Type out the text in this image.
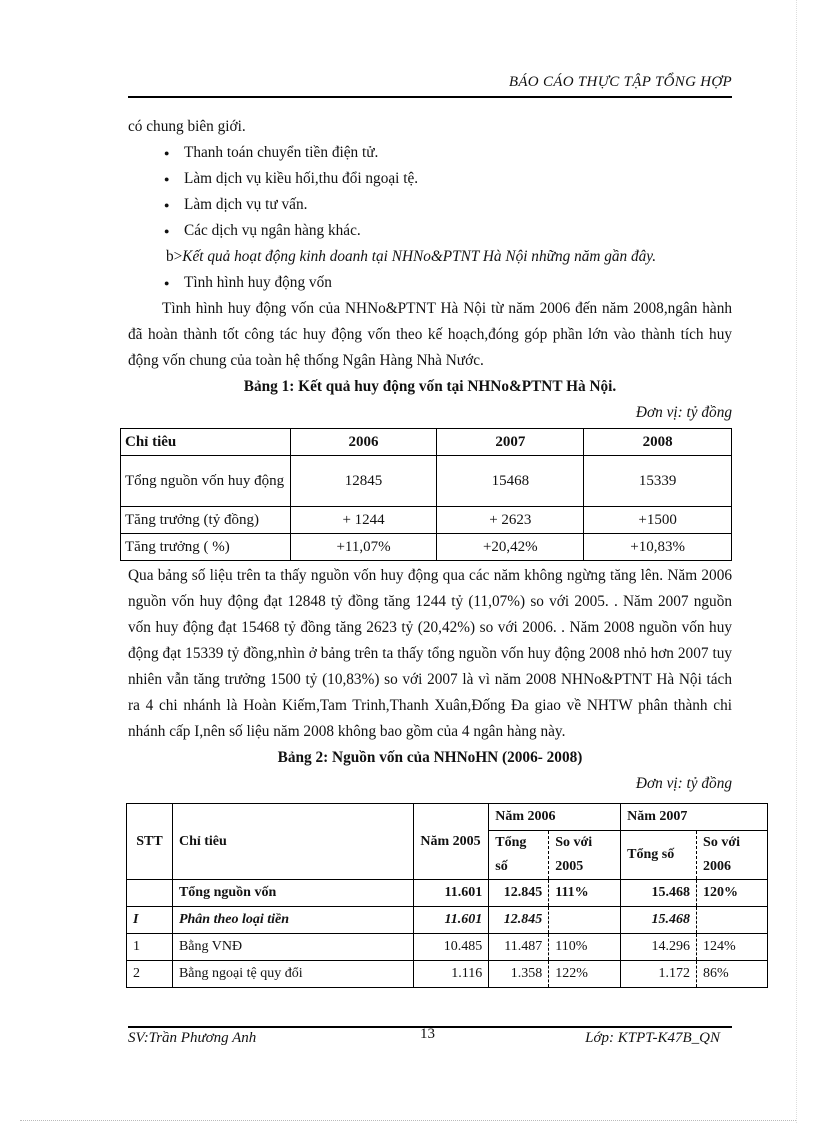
BÁO CÁO THỰC TẬP TỔNG HỢP

có chung biên giới.

● Thanh toán chuyển tiền điện tử.

● Làm dịch vụ kiều hối,thu đổi ngoại tệ.

● Làm dịch vụ tư vấn.

● Các dịch vụ ngân hàng khác.

b>Kết quả hoạt động kinh doanh tại NHNo&PTNT Hà Nội những năm gần đây.

● Tình hình huy động vốn

Tình hình huy động vốn của NHNo&PTNT Hà Nội từ năm 2006 đến năm 2008,ngân hành đã hoàn thành tốt công tác huy động vốn theo kế hoạch,đóng góp phần lớn vào thành tích huy động vốn chung của toàn hệ thống Ngân Hàng Nhà Nước.

Bảng 1: Kết quả huy động vốn tại NHNo&PTNT Hà Nội.

Đơn vị: tỷ đồng

Chỉ tiêu	2006	2007	2008
Tổng nguồn vốn huy động	12845	15468	15339
Tăng trưởng (tỷ đồng)	+ 1244	+ 2623	+1500
Tăng trưởng ( %)	+11,07%	+20,42%	+10,83%

Qua bảng số liệu trên ta thấy nguồn vốn huy động qua các năm không ngừng tăng lên. Năm 2006 nguồn vốn huy động đạt 12848 tỷ đồng tăng 1244 tỷ (11,07%) so với 2005. . Năm 2007 nguồn vốn huy động đạt 15468 tỷ đồng tăng 2623 tỷ (20,42%) so với 2006. . Năm 2008 nguồn vốn huy động đạt 15339 tỷ đồng,nhìn ở bảng trên ta thấy tổng nguồn vốn huy động 2008 nhỏ hơn 2007 tuy nhiên vẫn tăng trưởng 1500 tỷ (10,83%) so với 2007 là vì năm 2008 NHNo&PTNT Hà Nội tách ra 4 chi nhánh là Hoàn Kiếm,Tam Trinh,Thanh Xuân,Đống Đa giao về NHTW phân thành chi nhánh cấp I,nên số liệu năm 2008 không bao gồm của 4 ngân hàng này.

Bảng 2: Nguồn vốn của NHNoHN (2006- 2008)

Đơn vị: tỷ đồng

STT	Chỉ tiêu	Năm 2005	Năm 2006		Năm 2007	
			Tổng số	So với 2005	Tổng số	So với 2006
	Tổng nguồn vốn	11.601	12.845	111%	15.468	120%
I	Phân theo loại tiền	11.601	12.845		15.468	
1	Bằng VNĐ	10.485	11.487	110%	14.296	124%
2	Bằng ngoại tệ quy đổi	1.116	1.358	122%	1.172	86%
SV:Trần Phương Anh	13	Lớp: KTPT-K47B_QN
